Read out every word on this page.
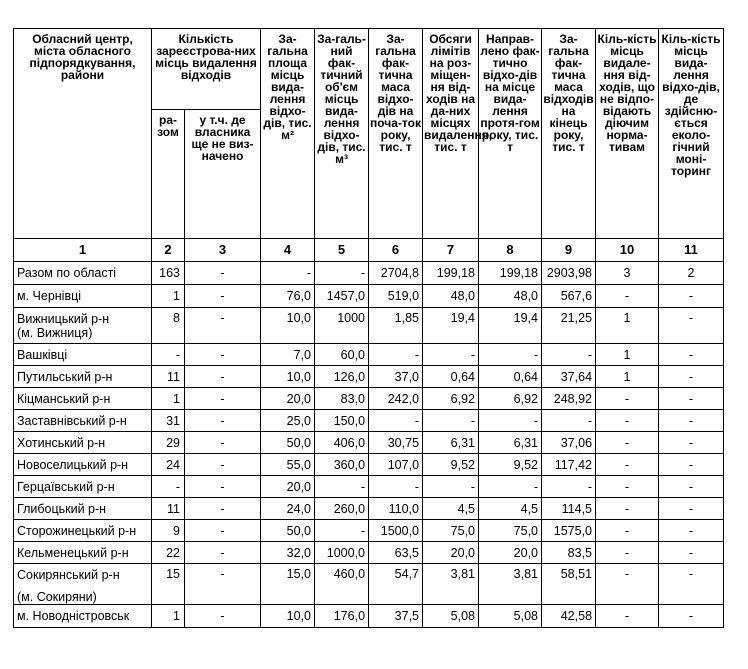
Обласний центр, міста обласного підпорядкування, райони	Кількість зареєстрова-них місць видалення відходів		За-гальна площа місць вида-лення відхо-дів, тис. м²	За-галь-ний фак-тичний об'єм місць вида-лення відхо-дів, тис. м³	За-гальна фак-тична маса відхо-дів на поча-ток року, тис. т	Обсяги лімітів на роз-міщен-ня від-ходів на да-них місцях видалення, тис. т	Направ-лено фак-тично відхо-дів на місце вида-лення протя-гом року, тис. т	За-гальна фак-тична маса відходів на кінець року, тис. т	Кіль-кість місць видале-ння від-ходів, що не відпо-відають діючим норма-тивам	Кіль-кість місць вида-лення відхо-дів, де здійсню-ється еколо-гічний моні-торинг
	ра-зом	у т.ч. де власника ще не виз-начено								
1	2	3	4	5	6	7	8	9	10	11

Разом по області	163	-	-	-	2704,8	199,18	199,18	2903,98	3	2

м. Чернівці	1	-	76,0	1457,0	519,0	48,0	48,0	567,6	-	-

Вижницький р-н
(м. Вижниця)	8	-	10,0	1000	1,85	19,4	19,4	21,25	1	-

Вашківці	-	-	7,0	60,0	-	-	-	-	1	-

Путильський р-н	11	-	10,0	126,0	37,0	0,64	0,64	37,64	1	-

Кіцманський р-н	1	-	20,0	83,0	242,0	6,92	6,92	248,92	-	-

Заставнівський р-н	31	-	25,0	150,0	-	-	-	-	-	-

Хотинський р-н	29	-	50,0	406,0	30,75	6,31	6,31	37,06	-	-

Новоселицький р-н	24	-	55,0	360,0	107,0	9,52	9,52	117,42	-	-

Герцаївський р-н	-	-	20,0	-	-	-	-	-	-	-

Глибоцький р-н	11	-	24,0	260,0	110,0	4,5	4,5	114,5	-	-

Сторожинецький р-н	9	-	50,0	-	1500,0	75,0	75,0	1575,0	-	-

Кельменецький р-н	22	-	32,0	1000,0	63,5	20,0	20,0	83,5	-	-

Сокирянський р-н
(м. Сокиряни)	15	-	15,0	460,0	54,7	3,81	3,81	58,51	-	-

м. Новодністровськ	1	-	10,0	176,0	37,5	5,08	5,08	42,58	-	-
